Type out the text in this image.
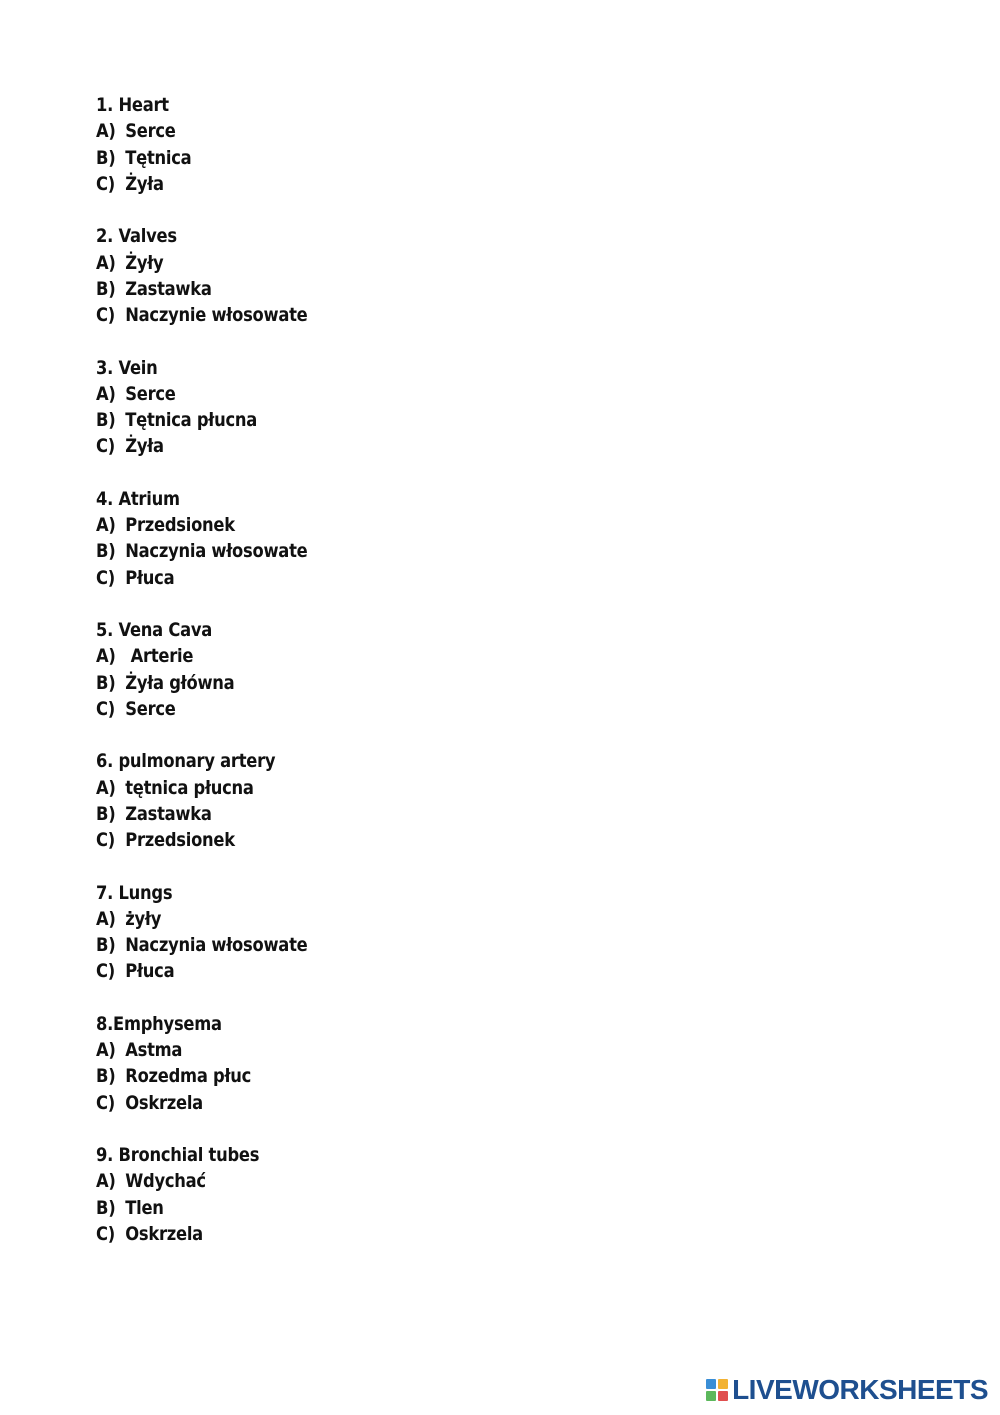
1. Heart
A) Serce
B) Tętnica
C) Żyła
2. Valves
A) Żyły
B) Zastawka
C) Naczynie włosowate
3. Vein
A) Serce
B) Tętnica płucna
C) Żyła
4. Atrium
A) Przedsionek
B) Naczynia włosowate
C) Płuca
5. Vena Cava
A) Arterie
B) Żyła główna
C) Serce
6. pulmonary artery
A) tętnica płucna
B) Zastawka
C) Przedsionek
7. Lungs
A) żyły
B) Naczynia włosowate
C) Płuca
8.Emphysema
A) Astma
B) Rozedma płuc
C) Oskrzela
9. Bronchial tubes
A) Wdychać
B) Tlen
C) Oskrzela
LIVEWORKSHEETS
